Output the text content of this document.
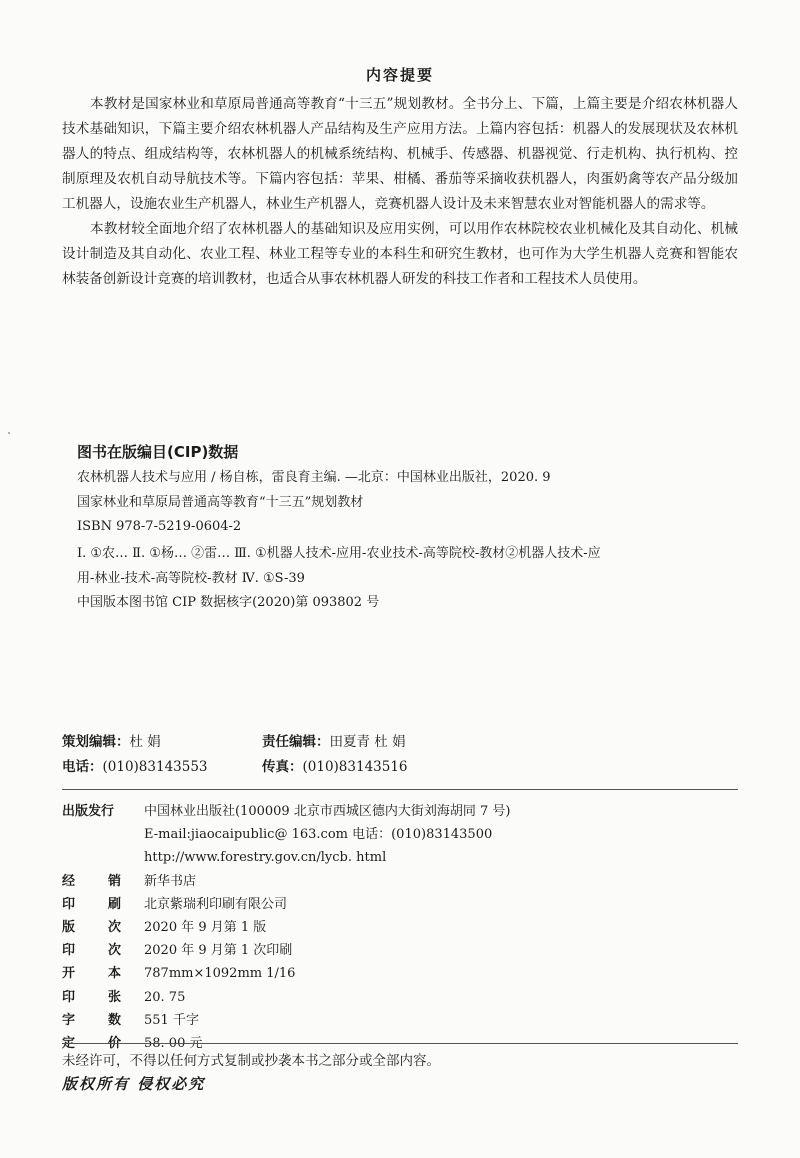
内容提要

本教材是国家林业和草原局普通高等教育“十三五”规划教材。全书分上、下篇，上篇主要是介绍农林机器人技术基础知识，下篇主要介绍农林机器人产品结构及生产应用方法。上篇内容包括：机器人的发展现状及农林机器人的特点、组成结构等，农林机器人的机械系统结构、机械手、传感器、机器视觉、行走机构、执行机构、控制原理及农机自动导航技术等。下篇内容包括：苹果、柑橘、番茄等采摘收获机器人，肉蛋奶禽等农产品分级加工机器人，设施农业生产机器人，林业生产机器人，竞赛机器人设计及未来智慧农业对智能机器人的需求等。

本教材较全面地介绍了农林机器人的基础知识及应用实例，可以用作农林院校农业机械化及其自动化、机械设计制造及其自动化、农业工程、林业工程等专业的本科生和研究生教材，也可作为大学生机器人竞赛和智能农林装备创新设计竞赛的培训教材，也适合从事农林机器人研发的科技工作者和工程技术人员使用。

图书在版编目(CIP)数据
农林机器人技术与应用 / 杨自栋，雷良育主编. —北京：中国林业出版社，2020. 9
国家林业和草原局普通高等教育“十三五”规划教材
ISBN 978-7-5219-0604-2
Ⅰ. ①农… Ⅱ. ①杨… ②雷… Ⅲ. ①机器人技术-应用-农业技术-高等院校-教材②机器人技术-应
用-林业-技术-高等院校-教材 Ⅳ. ①S-39
中国版本图书馆 CIP 数据核字(2020)第 093802 号
策划编辑：杜 娟	责任编辑：田夏青 杜 娟
电话：(010)83143553	传真：(010)83143516
出版发行	中国林业出版社(100009 北京市西城区德内大街刘海胡同 7 号)
E-mail:jiaocaipublic@ 163.com 电话：(010)83143500
http://www.forestry.gov.cn/lycb. html
经	销 新华书店
印	刷 北京紫瑞利印刷有限公司
版	次 2020 年 9 月第 1 版
印	次 2020 年 9 月第 1 次印刷
开	本 787mm×1092mm 1/16
印	张 20. 75
字	数 551 千字
定	价 58. 00 元
未经许可，不得以任何方式复制或抄袭本书之部分或全部内容。
版权所有 侵权必究
